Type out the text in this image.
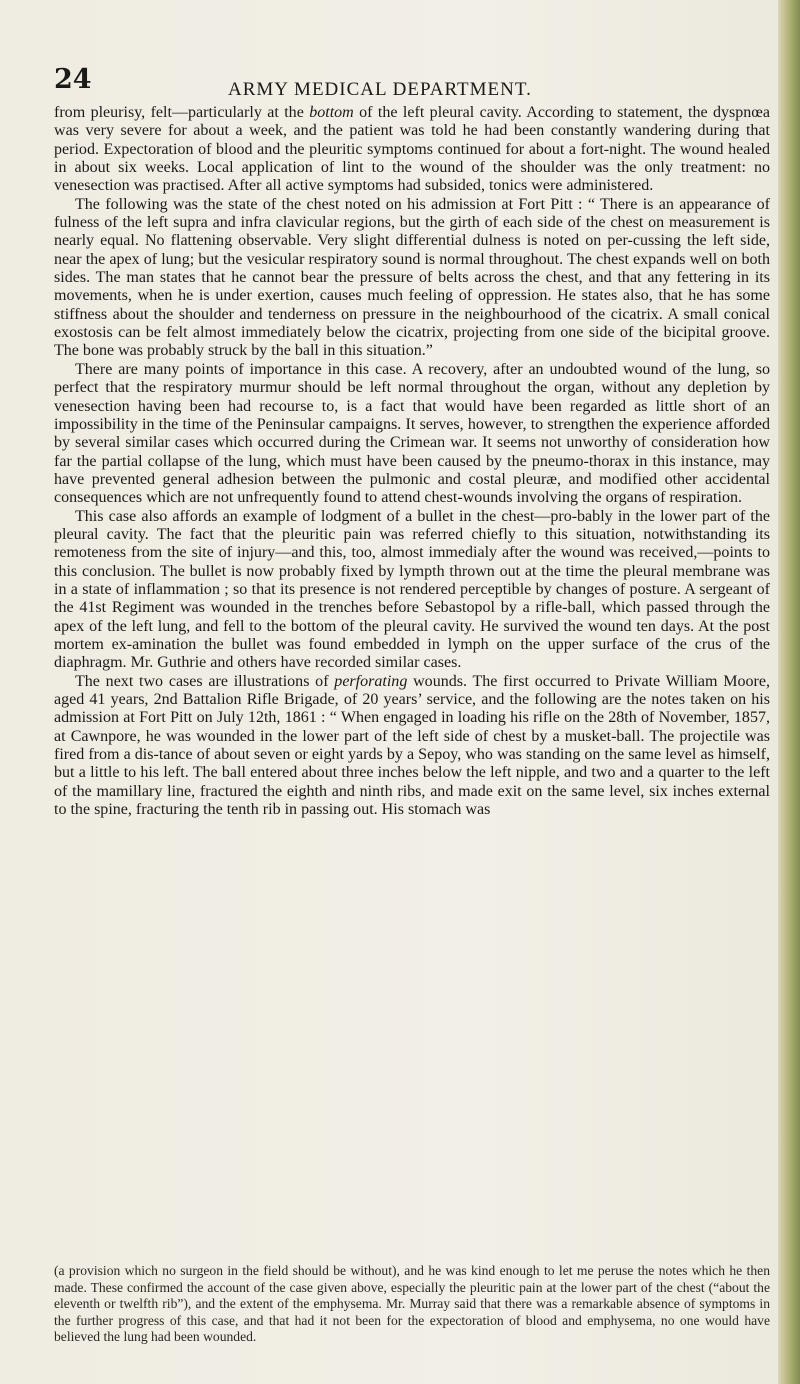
24	ARMY MEDICAL DEPARTMENT.

from pleurisy, felt—particularly at the bottom of the left pleural cavity. According to statement, the dyspnœa was very severe for about a week, and the patient was told he had been constantly wandering during that period. Expectoration of blood and the pleuritic symptoms continued for about a fort-night. The wound healed in about six weeks. Local application of lint to the wound of the shoulder was the only treatment: no venesection was practised. After all active symptoms had subsided, tonics were administered.

The following was the state of the chest noted on his admission at Fort Pitt : “ There is an appearance of fulness of the left supra and infra clavicular regions, but the girth of each side of the chest on measurement is nearly equal. No flattening observable. Very slight differential dulness is noted on per-cussing the left side, near the apex of lung; but the vesicular respiratory sound is normal throughout. The chest expands well on both sides. The man states that he cannot bear the pressure of belts across the chest, and that any fettering in its movements, when he is under exertion, causes much feeling of oppression. He states also, that he has some stiffness about the shoulder and tenderness on pressure in the neighbourhood of the cicatrix. A small conical exostosis can be felt almost immediately below the cicatrix, projecting from one side of the bicipital groove. The bone was probably struck by the ball in this situation.”

There are many points of importance in this case. A recovery, after an undoubted wound of the lung, so perfect that the respiratory murmur should be left normal throughout the organ, without any depletion by venesection having been had recourse to, is a fact that would have been regarded as little short of an impossibility in the time of the Peninsular campaigns. It serves, however, to strengthen the experience afforded by several similar cases which occurred during the Crimean war. It seems not unworthy of consideration how far the partial collapse of the lung, which must have been caused by the pneumo-thorax in this instance, may have prevented general adhesion between the pulmonic and costal pleuræ, and modified other accidental consequences which are not unfrequently found to attend chest-wounds involving the organs of respiration.

This case also affords an example of lodgment of a bullet in the chest—pro-bably in the lower part of the pleural cavity. The fact that the pleuritic pain was referred chiefly to this situation, notwithstanding its remoteness from the site of injury—and this, too, almost immedialy after the wound was received,—points to this conclusion. The bullet is now probably fixed by lympth thrown out at the time the pleural membrane was in a state of inflammation ; so that its presence is not rendered perceptible by changes of posture. A sergeant of the 41st Regiment was wounded in the trenches before Sebastopol by a rifle-ball, which passed through the apex of the left lung, and fell to the bottom of the pleural cavity. He survived the wound ten days. At the post mortem ex-amination the bullet was found embedded in lymph on the upper surface of the crus of the diaphragm. Mr. Guthrie and others have recorded similar cases.

The next two cases are illustrations of perforating wounds. The first occurred to Private William Moore, aged 41 years, 2nd Battalion Rifle Brigade, of 20 years’ service, and the following are the notes taken on his admission at Fort Pitt on July 12th, 1861 : “ When engaged in loading his rifle on the 28th of November, 1857, at Cawnpore, he was wounded in the lower part of the left side of chest by a musket-ball. The projectile was fired from a dis-tance of about seven or eight yards by a Sepoy, who was standing on the same level as himself, but a little to his left. The ball entered about three inches below the left nipple, and two and a quarter to the left of the mamillary line, fractured the eighth and ninth ribs, and made exit on the same level, six inches external to the spine, fracturing the tenth rib in passing out. His stomach was

(a provision which no surgeon in the field should be without), and he was kind enough to let me peruse the notes which he then made. These confirmed the account of the case given above, especially the pleuritic pain at the lower part of the chest (“about the eleventh or twelfth rib”), and the extent of the emphysema. Mr. Murray said that there was a remarkable absence of symptoms in the further progress of this case, and that had it not been for the expectoration of blood and emphysema, no one would have believed the lung had been wounded.
